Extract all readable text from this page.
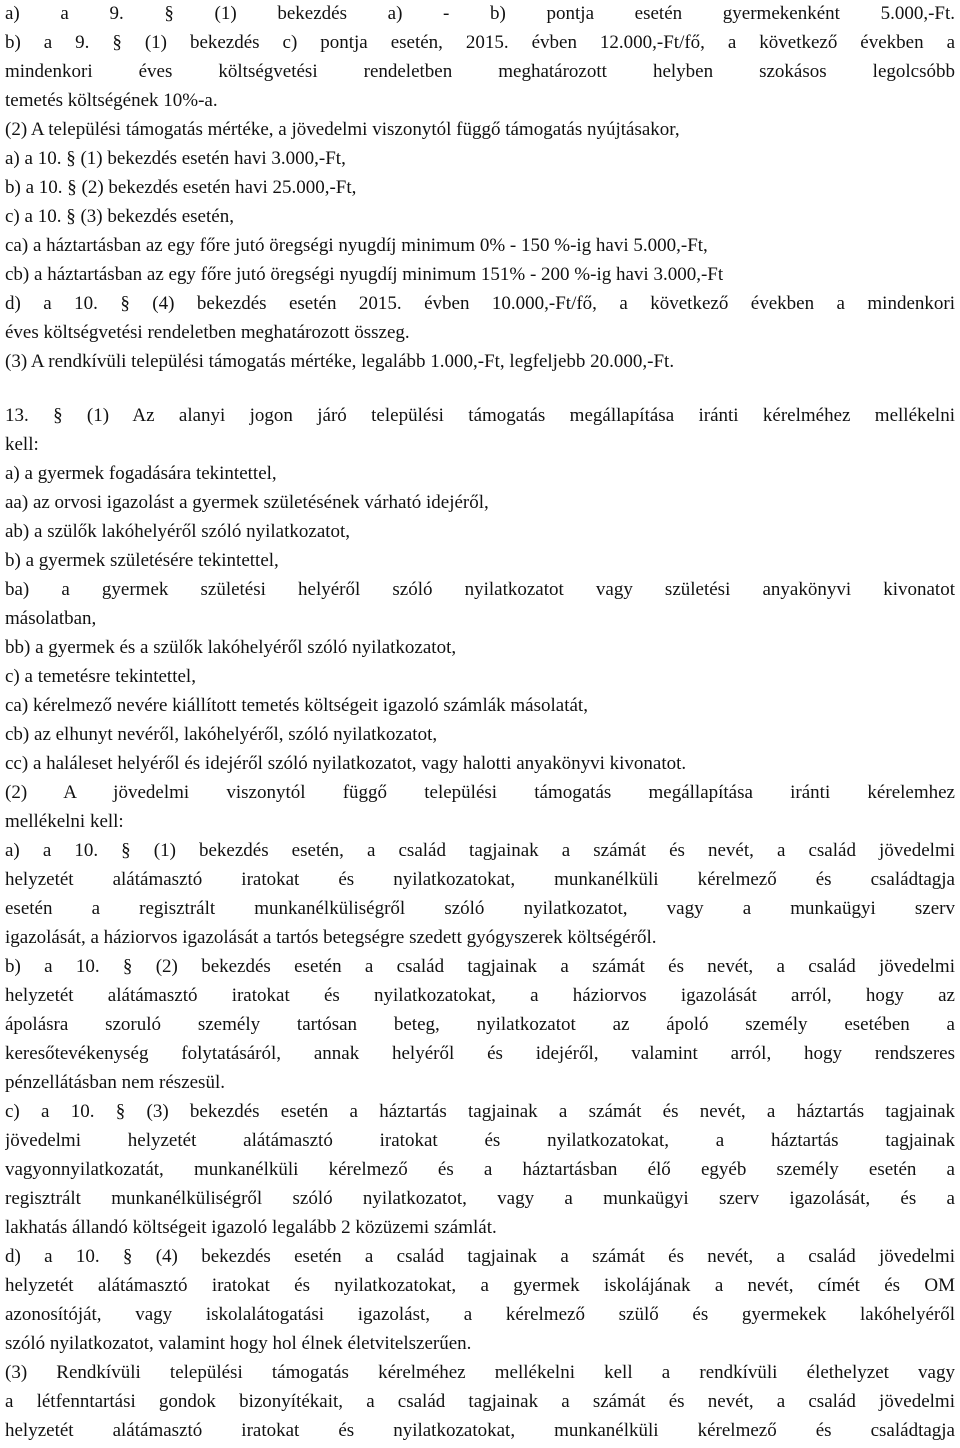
a) a 9. § (1) bekezdés a) - b) pontja esetén gyermekenként 5.000,-Ft.
b) a 9. § (1) bekezdés c) pontja esetén, 2015. évben 12.000,-Ft/fő, a következő években a
mindenkori éves költségvetési rendeletben meghatározott helyben szokásos legolcsóbb
temetés költségének 10%-a.
(2) A települési támogatás mértéke, a jövedelmi viszonytól függő támogatás nyújtásakor,
a) a 10. § (1) bekezdés esetén havi 3.000,-Ft,
b) a 10. § (2) bekezdés esetén havi 25.000,-Ft,
c) a 10. § (3) bekezdés esetén,
ca) a háztartásban az egy főre jutó öregségi nyugdíj minimum 0% - 150 %-ig havi 5.000,-Ft,
cb) a háztartásban az egy főre jutó öregségi nyugdíj minimum 151% - 200 %-ig havi 3.000,-Ft
d) a 10. § (4) bekezdés esetén 2015. évben 10.000,-Ft/fő, a következő években a mindenkori
éves költségvetési rendeletben meghatározott összeg.
(3) A rendkívüli települési támogatás mértéke, legalább 1.000,-Ft, legfeljebb 20.000,-Ft.
13. § (1) Az alanyi jogon járó települési támogatás megállapítása iránti kérelméhez mellékelni
kell:
a) a gyermek fogadására tekintettel,
aa) az orvosi igazolást a gyermek születésének várható idejéről,
ab) a szülők lakóhelyéről szóló nyilatkozatot,
b) a gyermek születésére tekintettel,
ba) a gyermek születési helyéről szóló nyilatkozatot vagy születési anyakönyvi kivonatot
másolatban,
bb) a gyermek és a szülők lakóhelyéről szóló nyilatkozatot,
c) a temetésre tekintettel,
ca) kérelmező nevére kiállított temetés költségeit igazoló számlák másolatát,
cb) az elhunyt nevéről, lakóhelyéről, szóló nyilatkozatot,
cc) a haláleset helyéről és idejéről szóló nyilatkozatot, vagy halotti anyakönyvi kivonatot.
(2) A jövedelmi viszonytól függő települési támogatás megállapítása iránti kérelemhez
mellékelni kell:
a) a 10. § (1) bekezdés esetén, a család tagjainak a számát és nevét, a család jövedelmi
helyzetét alátámasztó iratokat és nyilatkozatokat, munkanélküli kérelmező és családtagja
esetén a regisztrált munkanélküliségről szóló nyilatkozatot, vagy a munkaügyi szerv
igazolását, a háziorvos igazolását a tartós betegségre szedett gyógyszerek költségéről.
b) a 10. § (2) bekezdés esetén a család tagjainak a számát és nevét, a család jövedelmi
helyzetét alátámasztó iratokat és nyilatkozatokat, a háziorvos igazolását arról, hogy az
ápolásra szoruló személy tartósan beteg, nyilatkozatot az ápoló személy esetében a
keresőtevékenység folytatásáról, annak helyéről és idejéről, valamint arról, hogy rendszeres
pénzellátásban nem részesül.
c) a 10. § (3) bekezdés esetén a háztartás tagjainak a számát és nevét, a háztartás tagjainak
jövedelmi helyzetét alátámasztó iratokat és nyilatkozatokat, a háztartás tagjainak
vagyonnyilatkozatát, munkanélküli kérelmező és a háztartásban élő egyéb személy esetén a
regisztrált munkanélküliségről szóló nyilatkozatot, vagy a munkaügyi szerv igazolását, és a
lakhatás állandó költségeit igazoló legalább 2 közüzemi számlát.
d) a 10. § (4) bekezdés esetén a család tagjainak a számát és nevét, a család jövedelmi
helyzetét alátámasztó iratokat és nyilatkozatokat, a gyermek iskolájának a nevét, címét és OM
azonosítóját, vagy iskolalátogatási igazolást, a kérelmező szülő és gyermekek lakóhelyéről
szóló nyilatkozatot, valamint hogy hol élnek életvitelszerűen.
(3) Rendkívüli települési támogatás kérelméhez mellékelni kell a rendkívüli élethelyzet vagy
a létfenntartási gondok bizonyítékait, a család tagjainak a számát és nevét, a család jövedelmi
helyzetét alátámasztó iratokat és nyilatkozatokat, munkanélküli kérelmező és családtagja
